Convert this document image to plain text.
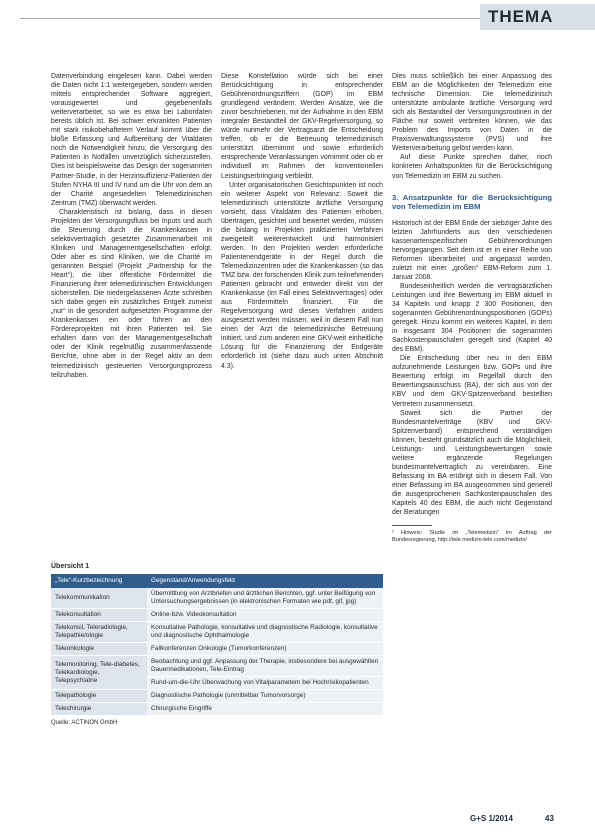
THEMA

Datenverbindung eingelesen kann. Dabei werden die Daten nicht 1:1 weitergegeben, sondern werden mittels entsprechender Software aggregiert, vorausgewertet und gegebenenfalls weiterverarbeitet, so wie es etwa bei Labordaten bereits üblich ist. Bei schwer erkrankten Patienten mit stark risikobehaftetem Verlauf kommt über die bloße Erfassung und Aufbereitung der Vitaldaten noch die Notwendigkeit hinzu, die Versorgung des Patienten in Notfällen unverzüglich sicherzustellen. Dies ist beispielsweise das Design der sogenannten Partner-Studie, in der Herzinsuffizienz-Patienten der Stufen NYHA III und IV rund um die Uhr von dem an der Charité angesiedelten Telemedizinischen Zentrum (TMZ) überwacht werden.

Charakteristisch ist bislang, dass in diesen Projekten der Versorgungsfluss bei Inputs und auch die Steuerung durch die Krankenkassen in selektivvertraglich gesetzter Zusammenarbeit mit Kliniken und Managementgesellschaften erfolgt. Oder aber es sind Kliniken, wie die Charité im genannten Beispiel (Projekt „Partnership for the Heart“), die über öffentliche Fördermittel die Finanzierung ihrer telemedizinischen Entwicklungen sicherstellen. Die niedergelassenen Ärzte schreiben sich dabei gegen ein zusätzliches Entgelt zumeist „nur“ in die gesondert aufgesetzten Programme der Krankenkassen ein oder führen an den Fördereprojekten mit ihren Patienten teil. Sie erhalten dann von der Managementgesellschaft oder der Klinik regelmäßig zusammenfassende Berichte, ohne aber in der Regel aktiv an dem telemedizinisch gesteuerten Versorgungsprozess teilzuhaben.

Diese Konstellation würde sich bei einer Berücksichtigung in entsprechender Gebührenordnungsziffern (GOP) im EBM grundlegend verändern. Werden Ansätze, wie die zuvor beschriebenen, mit der Aufnahme in den EBM integraler Bestandteil der GKV-Regelversorgung, so würde nunmehr der Vertragsarzt die Entscheidung treffen, ob er die Betreuung telemedizinisch unterstützt übernimmt und sowie erforderlich entsprechende Veranlassungen vornimmt oder ob er individuell im Rahmen der konventionellen Leistungserbringung verbleibt.

Unter organisatorischen Gesichtspunkten ist noch ein weiterer Aspekt von Relevanz: Soweit die telemedizinisch unterstützte ärztliche Versorgung vorsieht, dass Vitaldaten des Patienten erhoben, übertragen, gesichtet und bewertet werden, müssen die bislang in Projekten praktizierten Verfahren zweigeteilt weiterentwickelt und harmonisiert werden. In den Projekten werden erforderliche Patientenendgeräte in der Regel durch die Telemedizinzentren oder die Krankenkassen (so das TMZ bzw. der forschenden Klinik zum teilnehmenden Patienten gebracht und entweder direkt von der Krankenkasse (im Fall eines Selektivvertrages) oder aus Fördermitteln finanziert. Für die Regelversorgung wird dieses Verfahren anders ausgesetzt werden müssen, weil in diesem Fall nun einen der Arzt die telemedizinische Betreuung initiiert, und zum anderen eine GKV-weit einheitliche Lösung für die Finanzierung der Endgeräte erforderlich ist (siehe dazu auch unten Abschnitt 4.3).

Dies muss schließlich bei einer Anpassung des EBM an die Möglichkeiten der Telemedizin eine technische Dimension. Die telemedizinisch unterstützte ambulante ärztliche Versorgung wird sich als Bestandteil der Versorgungsroutinen in der Fläche nur soweit verbreiten können, wie das Problem des Imports von Daten in die Praxisverwaltungssysteme (PVS) und ihre Weiterverarbeitung gelöst werden kann.

Auf diese Punkte sprechen daher, noch konkreten Anhaltspunkten für die Berücksichtigung von Telemedizin im EBM zu suchen.

3. Ansatzpunkte für die Berücksichtigung von Telemedizin im EBM

Historisch ist der EBM Ende der siebziger Jahre des letzten Jahrhunderts aus den verschiedenen kassenartenspezifischen Gebührenordnungen hervorgegangen. Seit dem ist er in einer Reihe von Reformen überarbeitet und angepasst worden, zuletzt mit einer „großen“ EBM-Reform zum 1. Januar 2008.

Bundeseinheitlich werden die vertragsärztlichen Leistungen und ihre Bewertung im EBM aktuell in 34 Kapiteln und knapp 2 300 Positionen, den sogenannten Gebührenordnungspositionen (GOPs) geregelt. Hinzu kommt ein weiteres Kapitel, in dem in insgesamt 304 Positionen die sogenannten Sachkostenpauschalen geregelt sind (Kapitel 40 des EBM).

Die Entscheidung über neu in den EBM aufzunehmende Leistungen bzw. GOPs und ihre Bewertung erfolgt im Regelfall durch den Bewertungsausschuss (BA), der sich aus von der KBV und dem GKV-Spitzenverband bestellten Vertretern zusammensetzt.

Soweit sich die Partner der Bundesmantelverträge (KBV und GKV-Spitzenverband) entsprechend verständigen können, besteht grundsätzlich auch die Möglichkeit, Leistungs- und Leistungsbewertungen sowie weitere ergänzende Regelungen bundesmantelvertraglich zu vereinbaren. Eine Befassung im BA erübrigt sich in diesem Fall. Von einer Befassung im BA ausgenommen sind generell die ausgesprochenen Sachkostenpauschalen des Kapitels 40 des EBM, die auch nicht Gegenstand der Beratungen

¹ Hinweis: Studie im „Telemedizin“ im Auftrag der Bundesregierung, http://tele medizin-tele.com/medizin/
Übersicht 1
„Tele“-Kurzbezeichnung	Gegenstand/Anwendungsfeld
Telekommunikation	Übermittlung von Arztbriefen und ärztlichen Berichten, ggf. unter Beifügung von Untersuchungsergebnissen (in elektronischen Formaten wie pdf, gif, jpg)
Telekonsultation	Online-bzw. Videokonsultation
Telekonsil, Teleradiologie, Telepathie/ologie	Konsultative Pathologie, konsultative und diagnostische Radiologie, konsultative und diagnostische Ophthalmologie
Teleonkologie	Fallkonferenzen Onkologie (Tumorkonferenzen)
Telemonitoring, Tele-diabetes, Telekardiologie, Telepsychiatrie	Beobachtung und ggf. Anpassung der Therapie, insbesondere bei ausgewählten Dauermedikationen, Tele-Eintrag
	Rund-um-die-Uhr Überwachung von Vitalparametern bei Hochrisikopatienten
Telepathologie	Diagnostische Pathologie (unmittelbar Tumorvorsorge)
Telechirurgie	Chirurgische Eingriffe
Quelle: ACTINON GmbH
G+S 1/2014	43
